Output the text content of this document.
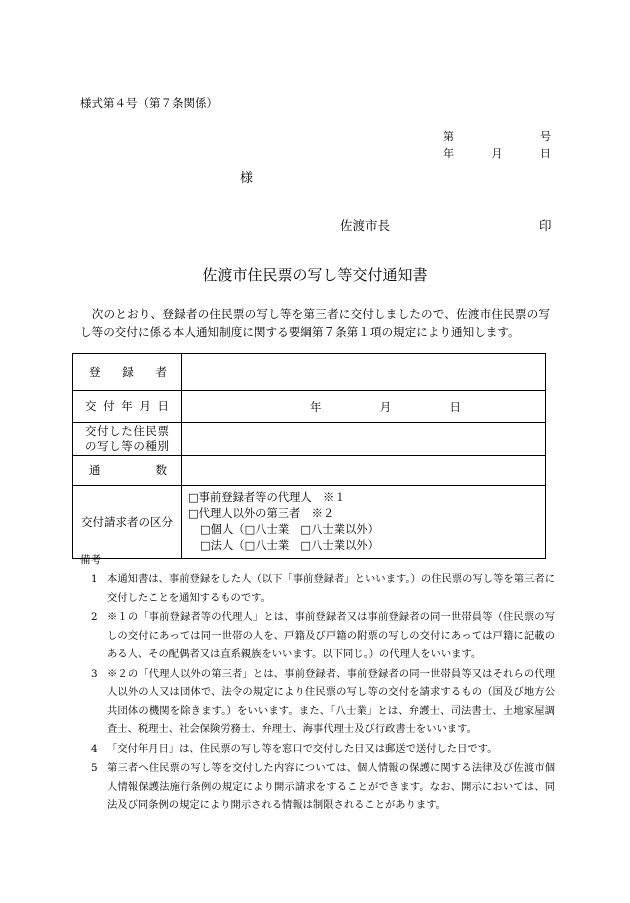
様式第４号（第７条関係）
第	号
年	月	日
様
佐渡市長	印
佐渡市住民票の写し等交付通知書

　次のとおり、登録者の住民票の写し等を第三者に交付しましたので、佐渡市住民票の写し等の交付に係る本人通知制度に関する要綱第７条第１項の規定により通知します。

登　録　者	

交付年月日	年 月 日

交付した住民票
の写し等の種別	

通　　数	

交付請求者の区分	□事前登録者等の代理人　※１
□代理人以外の第三者　※２
□個人（□八士業　□八士業以外）
□法人（□八士業　□八士業以外）
備考
1 本通知書は、事前登録をした人（以下「事前登録者」といいます。）の住民票の写し等を第三者に交付したことを通知するものです。
2 ※１の「事前登録者等の代理人」とは、事前登録者又は事前登録者の同一世帯員等（住民票の写しの交付にあっては同一世帯の人を、戸籍及び戸籍の附票の写しの交付にあっては戸籍に記載のある人、その配偶者又は直系親族をいいます。以下同じ。）の代理人をいいます。
3 ※２の「代理人以外の第三者」とは、事前登録者、事前登録者の同一世帯員等又はそれらの代理人以外の人又は団体で、法令の規定により住民票の写し等の交付を請求するもの（国及び地方公共団体の機関を除きます。）をいいます。また、「八士業」とは、弁護士、司法書士、土地家屋調査士、税理士、社会保険労務士、弁理士、海事代理士及び行政書士をいいます。
4 「交付年月日」は、住民票の写し等を窓口で交付した日又は郵送で送付した日です。
5 第三者へ住民票の写し等を交付した内容については、個人情報の保護に関する法律及び佐渡市個人情報保護法施行条例の規定により開示請求をすることができます。なお、開示においては、同法及び同条例の規定により開示される情報は制限されることがあります。
